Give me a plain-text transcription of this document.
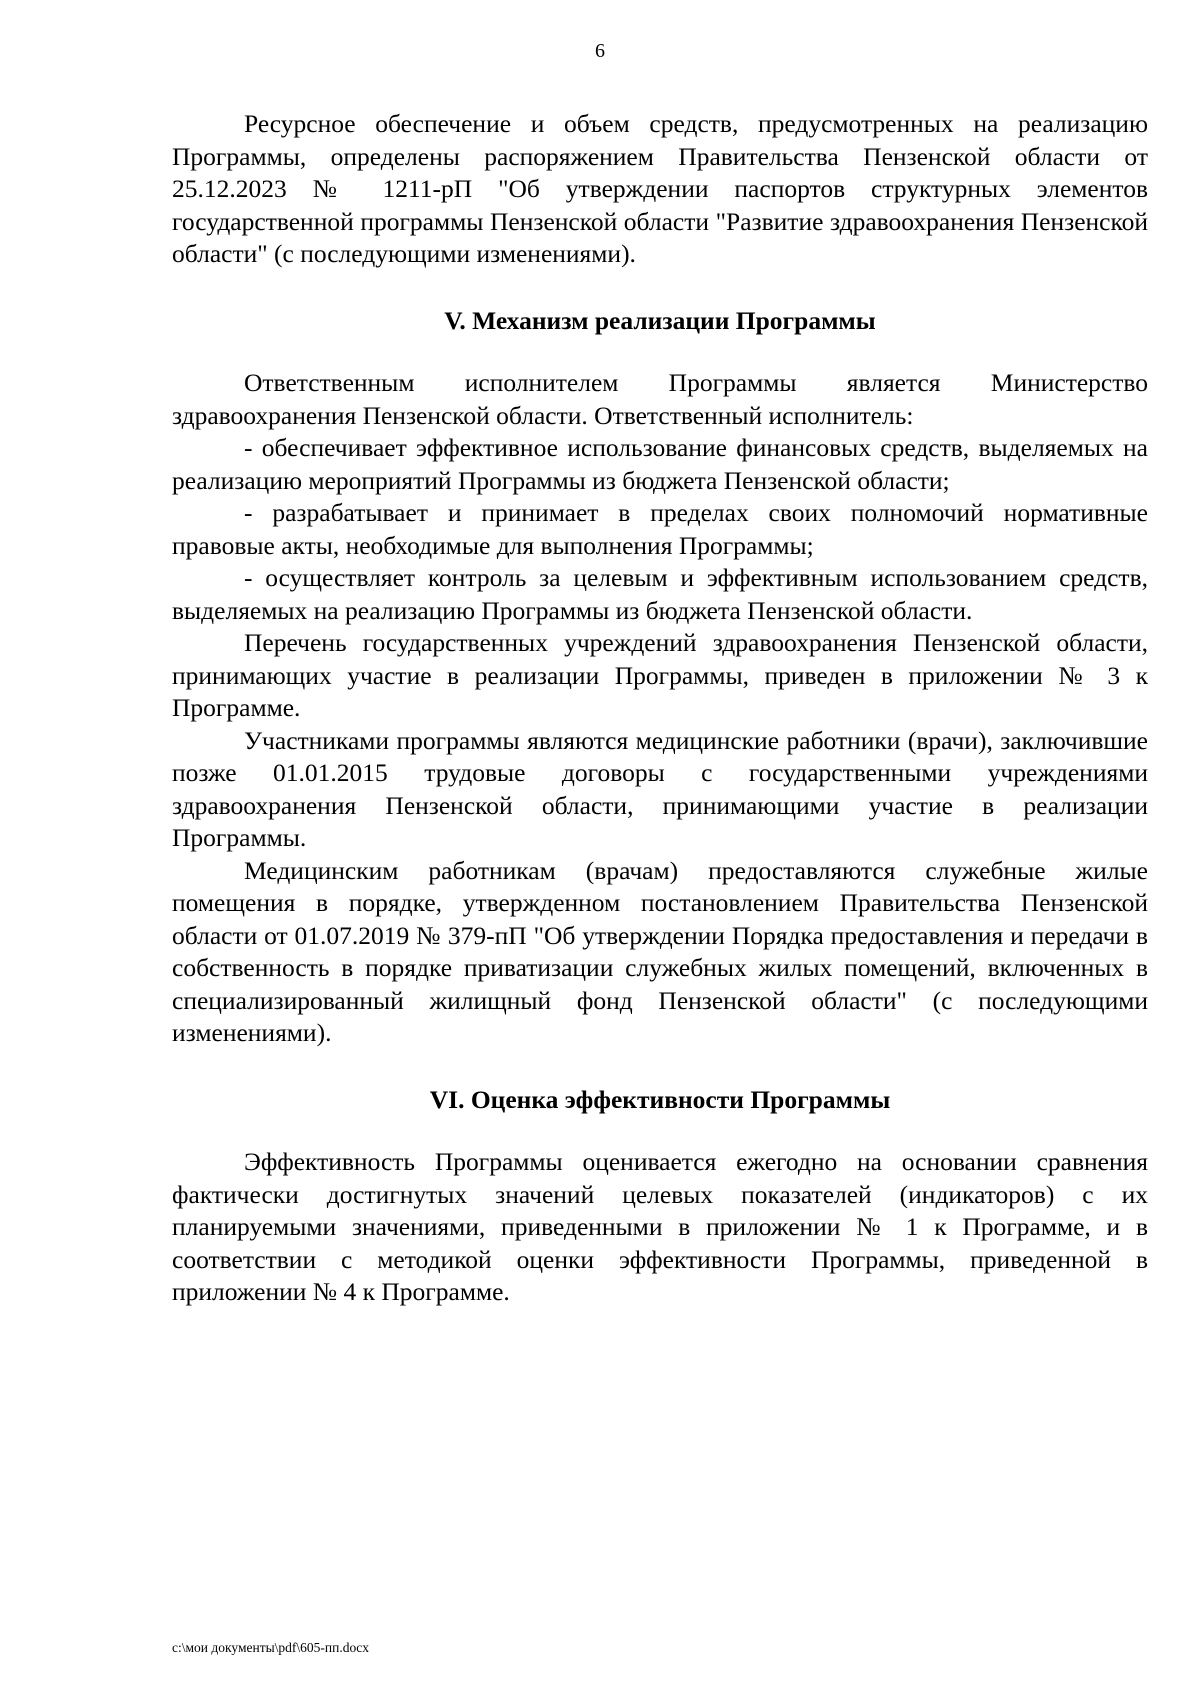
6

Ресурсное обеспечение и объем средств, предусмотренных на реализацию Программы, определены распоряжением Правительства Пензенской области от 25.12.2023 № 1211-рП "Об утверждении паспортов структурных элементов государственной программы Пензенской области "Развитие здравоохранения Пензенской области" (с последующими изменениями).

V. Механизм реализации Программы

Ответственным исполнителем Программы является Министерство здравоохранения Пензенской области. Ответственный исполнитель:

- обеспечивает эффективное использование финансовых средств, выделяемых на реализацию мероприятий Программы из бюджета Пензенской области;

- разрабатывает и принимает в пределах своих полномочий нормативные правовые акты, необходимые для выполнения Программы;

- осуществляет контроль за целевым и эффективным использованием средств, выделяемых на реализацию Программы из бюджета Пензенской области.

Перечень государственных учреждений здравоохранения Пензенской области, принимающих участие в реализации Программы, приведен в приложении № 3 к Программе.

Участниками программы являются медицинские работники (врачи), заключившие позже 01.01.2015 трудовые договоры с государственными учреждениями здравоохранения Пензенской области, принимающими участие в реализации Программы.

Медицинским работникам (врачам) предоставляются служебные жилые помещения в порядке, утвержденном постановлением Правительства Пензенской области от 01.07.2019 № 379-пП "Об утверждении Порядка предоставления и передачи в собственность в порядке приватизации служебных жилых помещений, включенных в специализированный жилищный фонд Пензенской области" (с последующими изменениями).

VI. Оценка эффективности Программы

Эффективность Программы оценивается ежегодно на основании сравнения фактически достигнутых значений целевых показателей (индикаторов) с их планируемыми значениями, приведенными в приложении № 1 к Программе, и в соответствии с методикой оценки эффективности Программы, приведенной в приложении № 4 к Программе.

c:\мои документы\pdf\605-пп.docx
